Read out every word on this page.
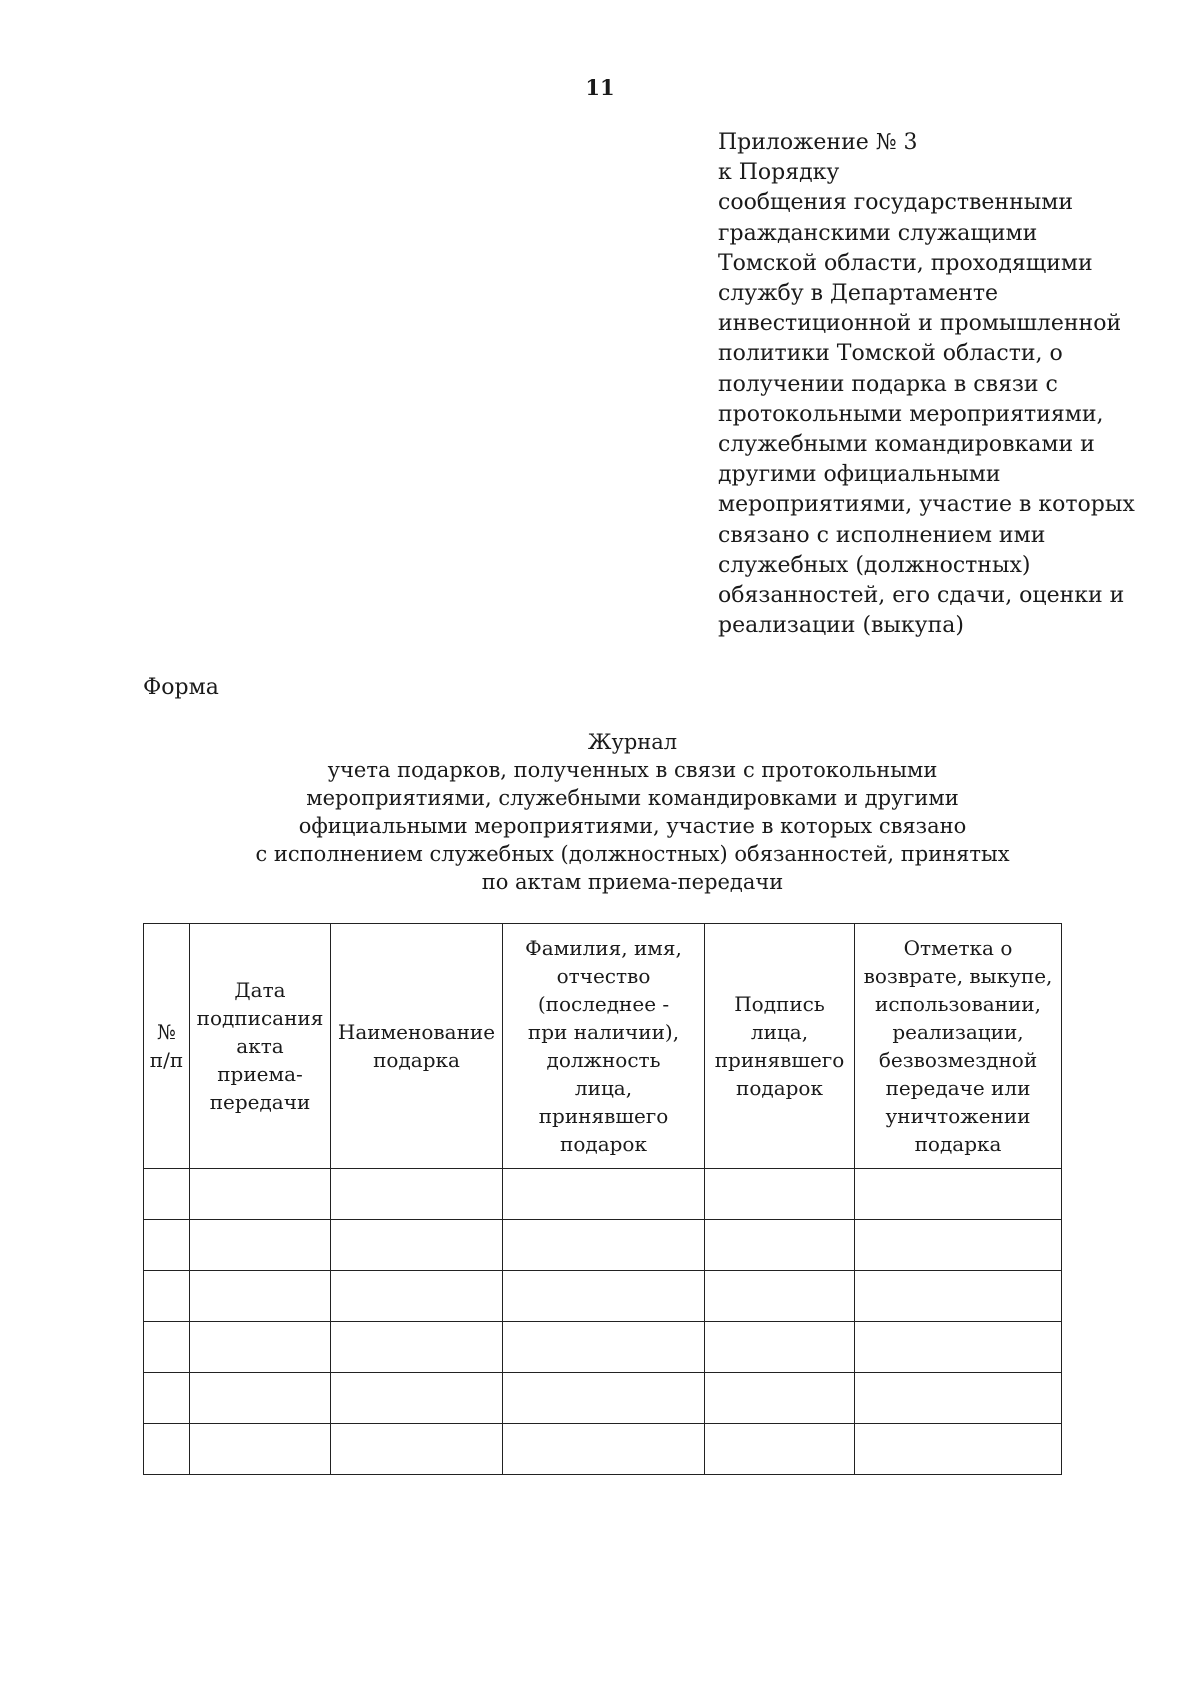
11
Приложение № 3
к Порядку
сообщения государственными
гражданскими служащими
Томской области, проходящими
службу в Департаменте
инвестиционной и промышленной
политики Томской области, о
получении подарка в связи с
протокольными мероприятиями,
служебными командировками и
другими официальными
мероприятиями, участие в которых
связано с исполнением ими
служебных (должностных)
обязанностей, его сдачи, оценки и
реализации (выкупа)
Форма
Журнал
учета подарков, полученных в связи с протокольными
мероприятиями, служебными командировками и другими
официальными мероприятиями, участие в которых связано
с исполнением служебных (должностных) обязанностей, принятых
по актам приема-передачи
№ п/п	Дата подписания акта приема-передачи	Наименование подарка	Фамилия, имя, отчество (последнее - при наличии), должность лица, принявшего подарок	Подпись лица, принявшего подарок	Отметка о возврате, выкупе, использовании, реализации, безвозмездной передаче или уничтожении подарка
